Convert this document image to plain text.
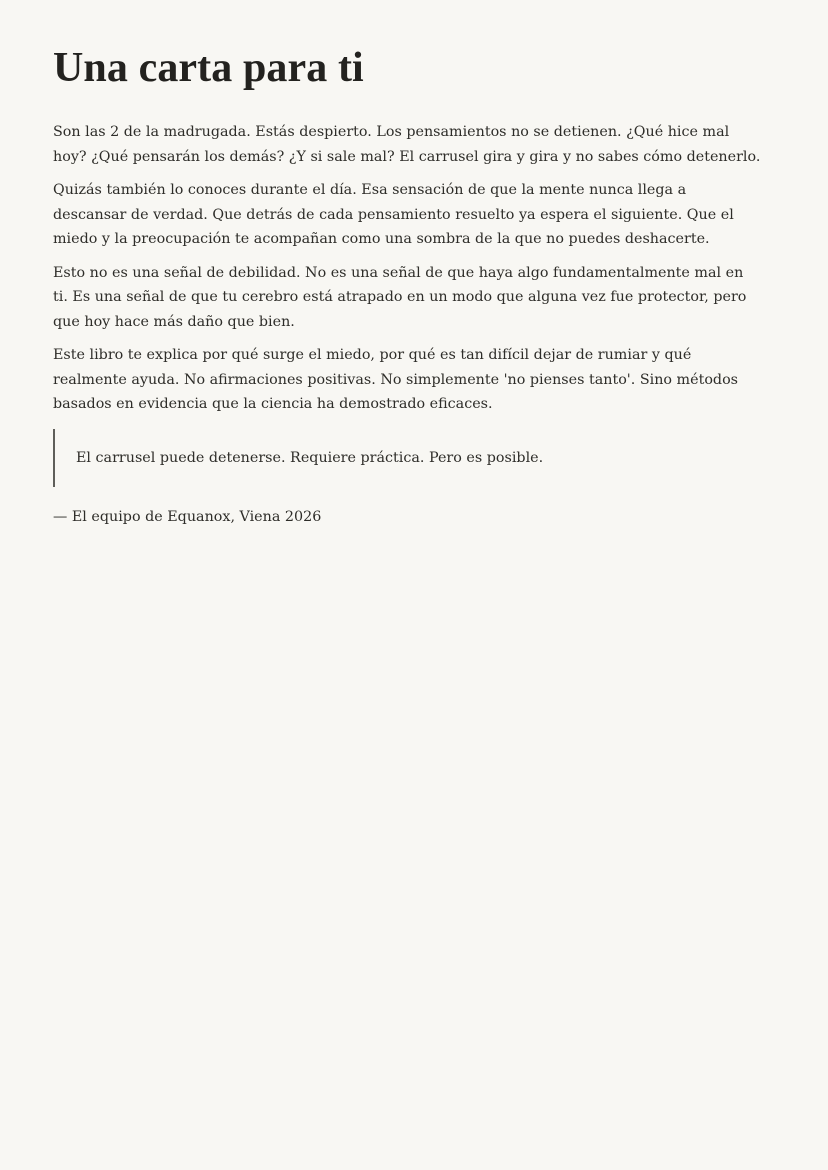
Una carta para ti

Son las 2 de la madrugada. Estás despierto. Los pensamientos no se detienen. ¿Qué hice mal hoy? ¿Qué pensarán los demás? ¿Y si sale mal? El carrusel gira y gira y no sabes cómo detenerlo.

Quizás también lo conoces durante el día. Esa sensación de que la mente nunca llega a descansar de verdad. Que detrás de cada pensamiento resuelto ya espera el siguiente. Que el miedo y la preocupación te acompañan como una sombra de la que no puedes deshacerte.

Esto no es una señal de debilidad. No es una señal de que haya algo fundamentalmente mal en ti. Es una señal de que tu cerebro está atrapado en un modo que alguna vez fue protector, pero que hoy hace más daño que bien.

Este libro te explica por qué surge el miedo, por qué es tan difícil dejar de rumiar y qué realmente ayuda. No afirmaciones positivas. No simplemente 'no pienses tanto'. Sino métodos basados en evidencia que la ciencia ha demostrado eficaces.

El carrusel puede detenerse. Requiere práctica. Pero es posible.
— El equipo de Equanox, Viena 2026
